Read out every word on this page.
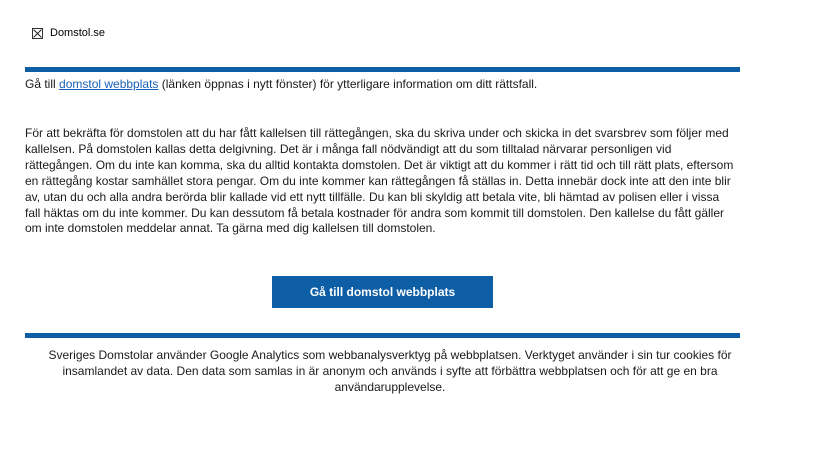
Domstol.se
Gå till domstol webbplats (länken öppnas i nytt fönster) för ytterligare information om ditt rättsfall.

För att bekräfta för domstolen att du har fått kallelsen till rättegången, ska du skriva under och skicka in det svarsbrev som följer med kallelsen. På domstolen kallas detta delgivning. Det är i många fall nödvändigt att du som tilltalad närvarar personligen vid rättegången. Om du inte kan komma, ska du alltid kontakta domstolen. Det är viktigt att du kommer i rätt tid och till rätt plats, eftersom en rättegång kostar samhället stora pengar. Om du inte kommer kan rättegången få ställas in. Detta innebär dock inte att den inte blir av, utan du och alla andra berörda blir kallade vid ett nytt tillfälle. Du kan bli skyldig att betala vite, bli hämtad av polisen eller i vissa fall häktas om du inte kommer. Du kan dessutom få betala kostnader för andra som kommit till domstolen. Den kallelse du fått gäller om inte domstolen meddelar annat. Ta gärna med dig kallelsen till domstolen.

Gå till domstol webbplats

Sveriges Domstolar använder Google Analytics som webbanalysverktyg på webbplatsen. Verktyget använder i sin tur cookies för insamlandet av data. Den data som samlas in är anonym och används i syfte att förbättra webbplatsen och för att ge en bra användarupplevelse.
